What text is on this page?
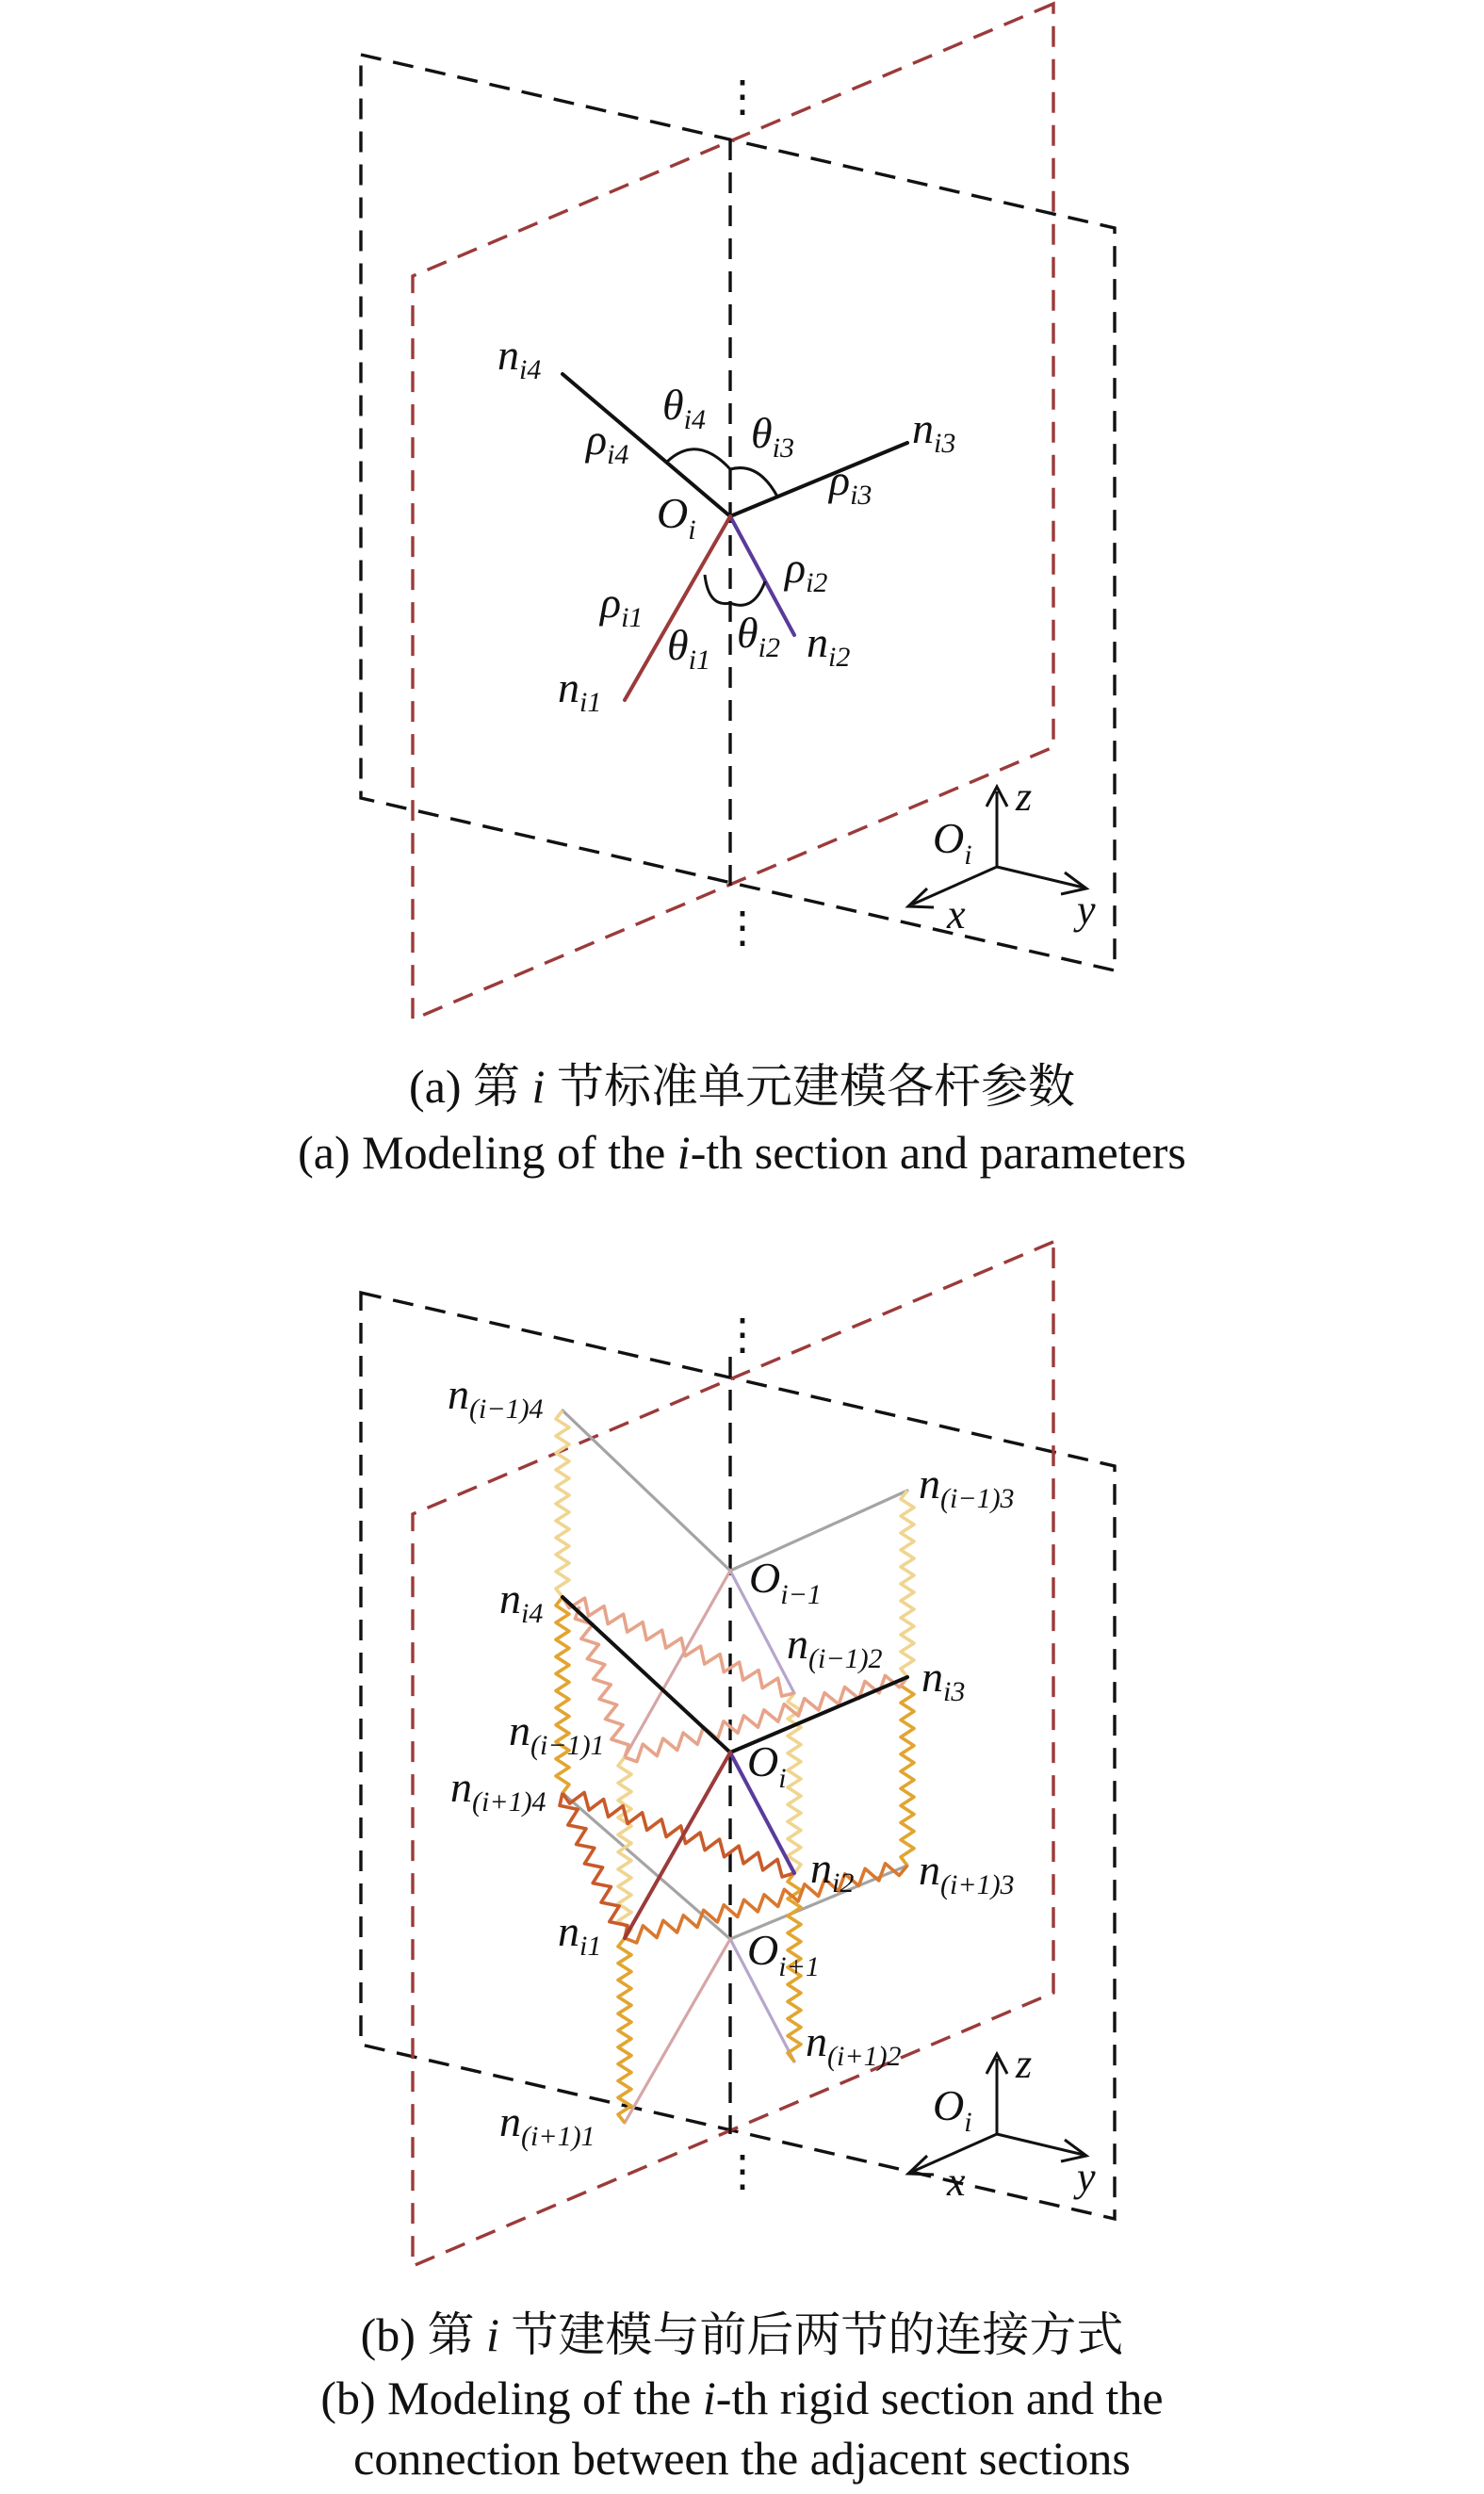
⋮
⋮
$n_{i4}$
$\rho_{i4}$
$\theta_{i4}$ $\theta_{i3}$	$n_{i3}$
$\rho_{i3}$
$O_i$
$\rho_{i2}$
$\rho_{i1}$
$\theta_{i1}$
$\theta_{i2}$ $n_{i2}$
$n_{i1}$
z
$O_i$
x	y
⋮
⋮
$n_{(i-1)4}$
$n_{(i-1)3}$
$O_{i-1}$
$n_{i4}$
$n_{(i-1)2}$ $n_{i3}$
$n_{(i-1)1}$	$O_i$
$n_{(i+1)4}$
$n_{i2}$ $n_{(i+1)3}$
$n_{i1}$	$O_{i+1}$
$n_{(i+1)2}$
$n_{(i+1)1}$
z
$O_i$
x	y
(a) 第 i 节标准单元建模各杆参数
(a) Modeling of the i-th section and parameters
(b) 第 i 节建模与前后两节的连接方式
(b) Modeling of the i-th rigid section and the
connection between the adjacent sections
